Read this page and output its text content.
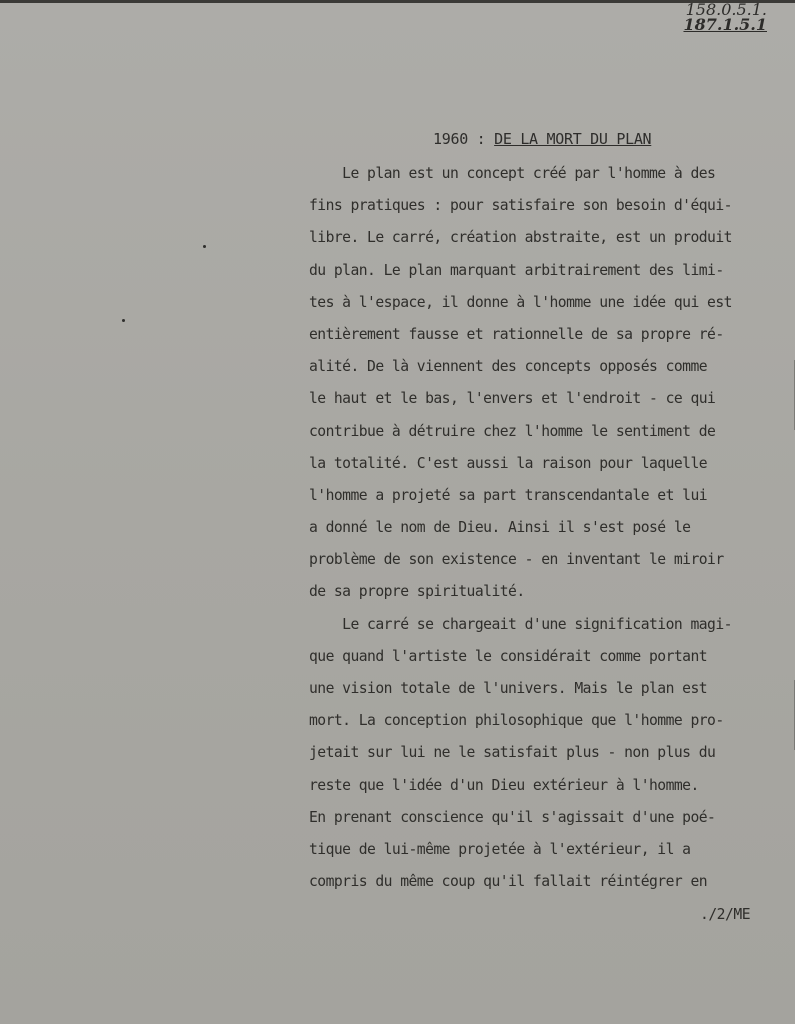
158.0.5.1.
187.1.5.1
1960 : DE LA MORT DU PLAN
Le plan est un concept créé par l'homme à des
fins pratiques : pour satisfaire son besoin d'équi-
libre. Le carré, création abstraite, est un produit
du plan. Le plan marquant arbitrairement des limi-
tes à l'espace, il donne à l'homme une idée qui est
entièrement fausse et rationnelle de sa propre ré-
alité. De là viennent des concepts opposés comme
le haut et le bas, l'envers et l'endroit - ce qui
contribue à détruire chez l'homme le sentiment de
la totalité. C'est aussi la raison pour laquelle
l'homme a projeté sa part transcendantale et lui
a donné le nom de Dieu. Ainsi il s'est posé le
problème de son existence - en inventant le miroir
de sa propre spiritualité.
Le carré se chargeait d'une signification magi-
que quand l'artiste le considérait comme portant
une vision totale de l'univers. Mais le plan est
mort. La conception philosophique que l'homme pro-
jetait sur lui ne le satisfait plus - non plus du
reste que l'idée d'un Dieu extérieur à l'homme.
En prenant conscience qu'il s'agissait d'une poé-
tique de lui-même projetée à l'extérieur, il a
compris du même coup qu'il fallait réintégrer en
./2/ME
